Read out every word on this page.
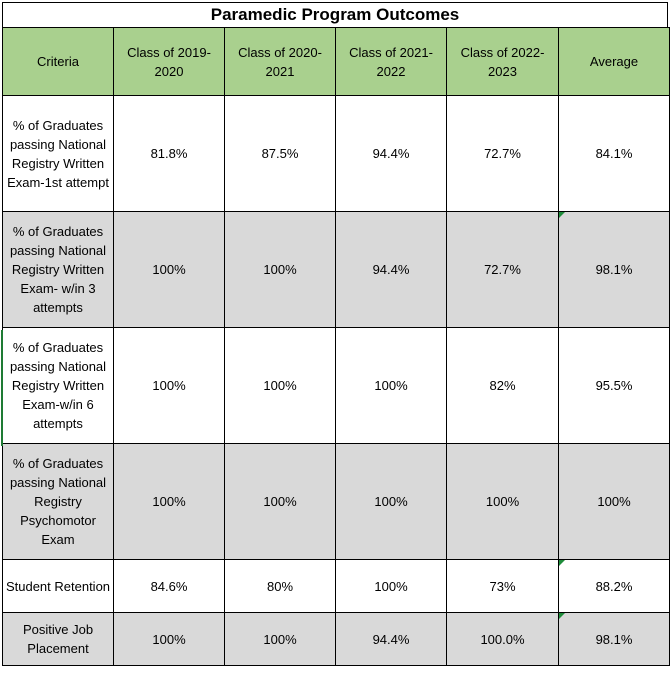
Paramedic Program Outcomes
Criteria	Class of 2019-2020	Class of 2020-2021	Class of 2021-2022	Class of 2022-2023	Average
% of Graduates passing National Registry Written Exam-1st attempt	81.8%	87.5%	94.4%	72.7%	84.1%
% of Graduates passing National Registry Written Exam- w/in 3 attempts	100%	100%	94.4%	72.7%	98.1%
% of Graduates passing National Registry Written Exam-w/in 6 attempts	100%	100%	100%	82%	95.5%
% of Graduates passing National Registry Psychomotor Exam	100%	100%	100%	100%	100%
Student Retention	84.6%	80%	100%	73%	88.2%
Positive Job Placement	100%	100%	94.4%	100.0%	98.1%
